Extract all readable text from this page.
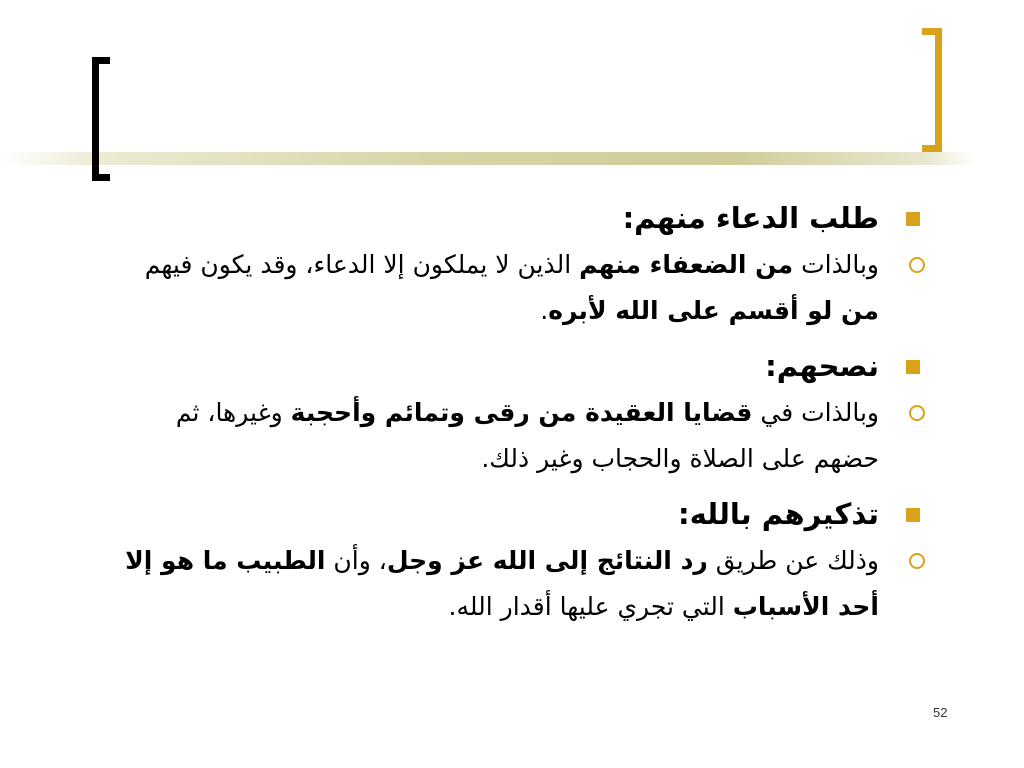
طلب الدعاء منهم:
وبالذات من الضعفاء منهم الذين لا يملكون إلا الدعاء، وقد يكون فيهم من لو أقسم على الله لأبره.
نصحهم:
وبالذات في قضايا العقيدة من رقى وتمائم وأحجبة وغيرها، ثم حضهم على الصلاة والحجاب وغير ذلك.
تذكيرهم بالله:
وذلك عن طريق رد النتائج إلى الله عز وجل، وأن الطبيب ما هو إلا أحد الأسباب التي تجري عليها أقدار الله.
52
